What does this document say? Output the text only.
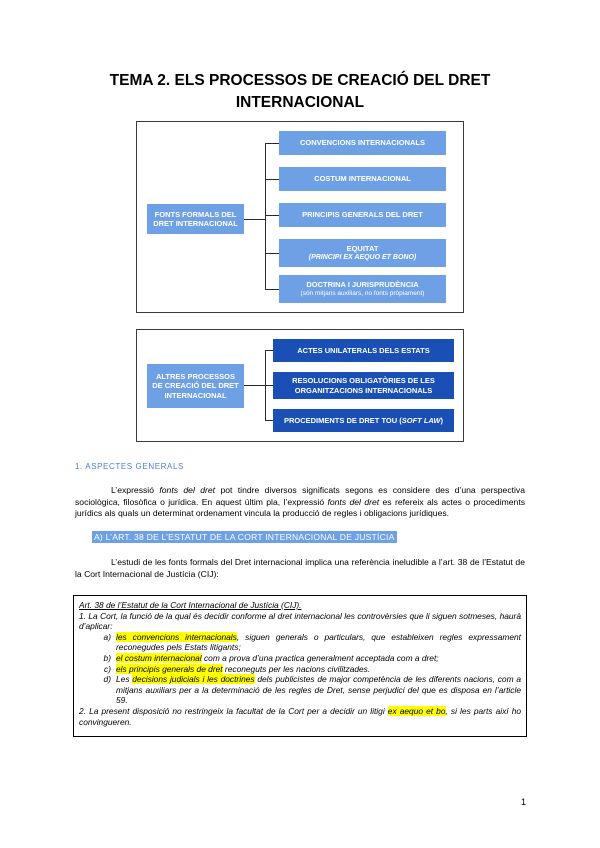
TEMA 2. ELS PROCESSOS DE CREACIÓ DEL DRET INTERNACIONAL
FONTS FORMALS DEL DRET INTERNACIONAL
CONVENCIONS INTERNACIONALS
COSTUM INTERNACIONAL
PRINCIPIS GENERALS DEL DRET
EQUITAT
(PRINCIPI EX AEQUO ET BONO)
DOCTRINA I JURISPRUDÈNCIA
(són mitjans auxiliars, no fonts pròpiament)
ALTRES PROCESSOS DE CREACIÓ DEL DRET INTERNACIONAL
ACTES UNILATERALS DELS ESTATS
RESOLUCIONS OBLIGATÒRIES DE LES ORGANITZACIONS INTERNACIONALS
PROCEDIMENTS DE DRET TOU (SOFT LAW)

1. ASPECTES GENERALS

L’expressió fonts del dret pot tindre diversos significats segons es considere des d’una perspectiva sociològica, filosòfica o jurídica. En aquest últim pla, l’expressió fonts del dret es refereix als actes o procediments jurídics als quals un determinat ordenament vincula la producció de regles i obligacions jurídiques.

A) L’ART. 38 DE L’ESTATUT DE LA CORT INTERNACIONAL DE JUSTÍCIA

L’estudi de les fonts formals del Dret internacional implica una referència ineludible a l’art. 38 de l’Estatut de la Cort Internacional de Justícia (CIJ):

Art. 38 de l’Estatut de la Cort Internacional de Justícia (CIJ).

1. La Cort, la funció de la qual és decidir conforme al dret internacional les controvèrsies que li siguen sotmeses, haurà d’aplicar:

a) les convencions internacionals, siguen generals o particulars, que estableixen regles expressament reconegudes pels Estats litigants;
b) el costum internacional com a prova d’una practica generalment acceptada com a dret;
c) els principis generals de dret reconeguts per les nacions civilitzades.
d) Les decisions judicials i les doctrines dels publicistes de major competència de les diferents nacions, com a mitjans auxiliars per a la determinació de les regles de Dret, sense perjudici del que es disposa en l’article 59.

2. La present disposició no restringeix la facultat de la Cort per a decidir un litigi ex aequo et bo, si les parts així ho convingueren.

1
